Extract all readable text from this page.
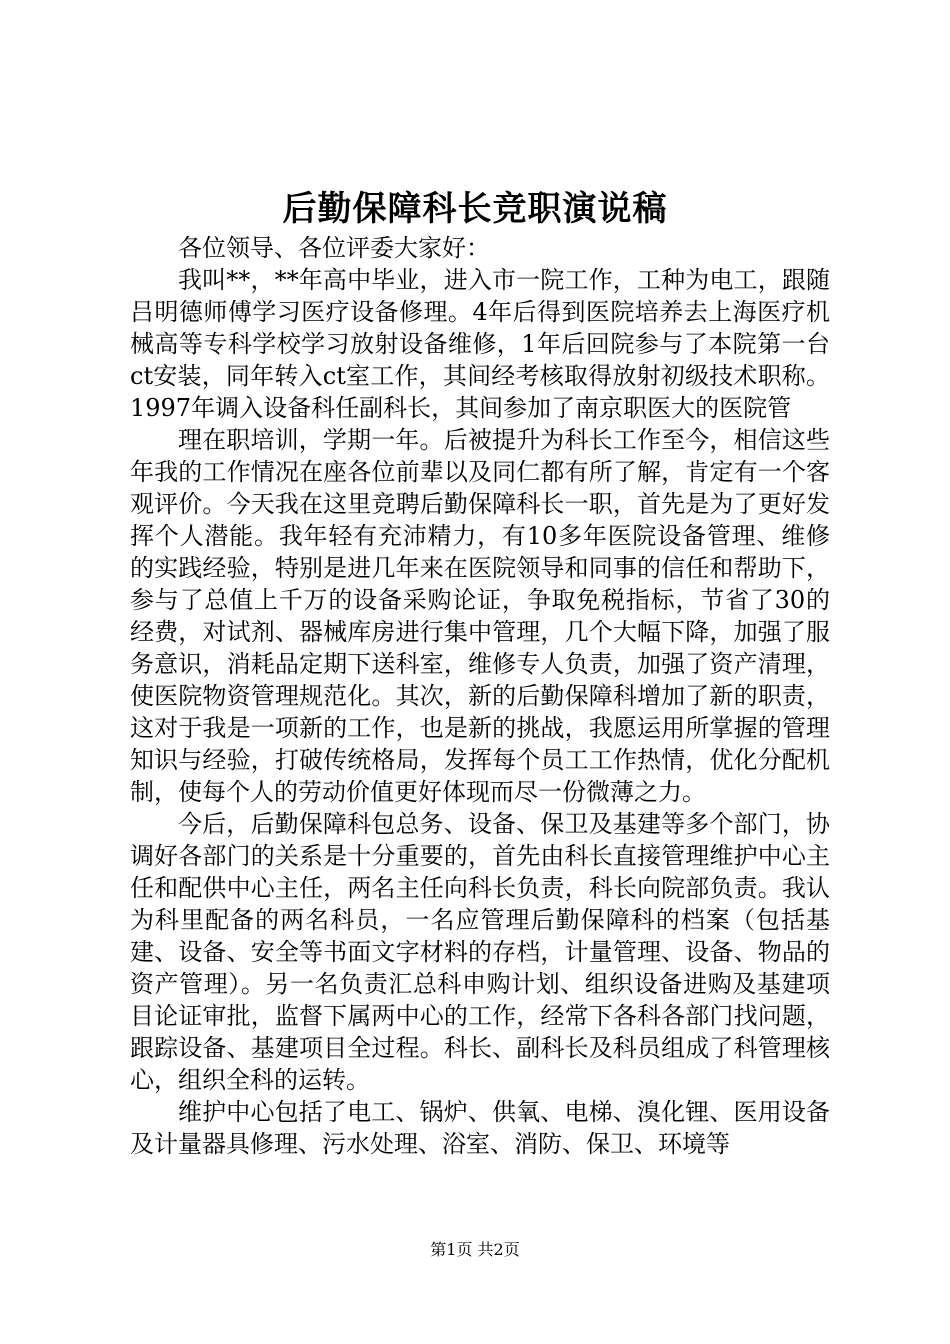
后勤保障科长竞职演说稿

各位领导、各位评委大家好：

我叫**，**年高中毕业，进入市一院工作，工种为电工，跟随吕明德师傅学习医疗设备修理。4年后得到医院培养去上海医疗机械高等专科学校学习放射设备维修，1年后回院参与了本院第一台ct安装，同年转入ct室工作，其间经考核取得放射初级技术职称。1997年调入设备科任副科长，其间参加了南京职医大的医院管

理在职培训，学期一年。后被提升为科长工作至今，相信这些年我的工作情况在座各位前辈以及同仁都有所了解，肯定有一个客观评价。今天我在这里竞聘后勤保障科长一职，首先是为了更好发挥个人潜能。我年轻有充沛精力，有10多年医院设备管理、维修的实践经验，特别是进几年来在医院领导和同事的信任和帮助下，参与了总值上千万的设备采购论证，争取免税指标，节省了30的经费，对试剂、器械库房进行集中管理，几个大幅下降，加强了服务意识，消耗品定期下送科室，维修专人负责，加强了资产清理，使医院物资管理规范化。其次，新的后勤保障科增加了新的职责，这对于我是一项新的工作，也是新的挑战，我愿运用所掌握的管理知识与经验，打破传统格局，发挥每个员工工作热情，优化分配机制，使每个人的劳动价值更好体现而尽一份微薄之力。

今后，后勤保障科包总务、设备、保卫及基建等多个部门，协调好各部门的关系是十分重要的，首先由科长直接管理维护中心主任和配供中心主任，两名主任向科长负责，科长向院部负责。我认为科里配备的两名科员，一名应管理后勤保障科的档案（包括基建、设备、安全等书面文字材料的存档，计量管理、设备、物品的资产管理）。另一名负责汇总科申购计划、组织设备进购及基建项目论证审批，监督下属两中心的工作，经常下各科各部门找问题，跟踪设备、基建项目全过程。科长、副科长及科员组成了科管理核心，组织全科的运转。

维护中心包括了电工、锅炉、供氧、电梯、溴化锂、医用设备及计量器具修理、污水处理、浴室、消防、保卫、环境等

第1页 共2页
